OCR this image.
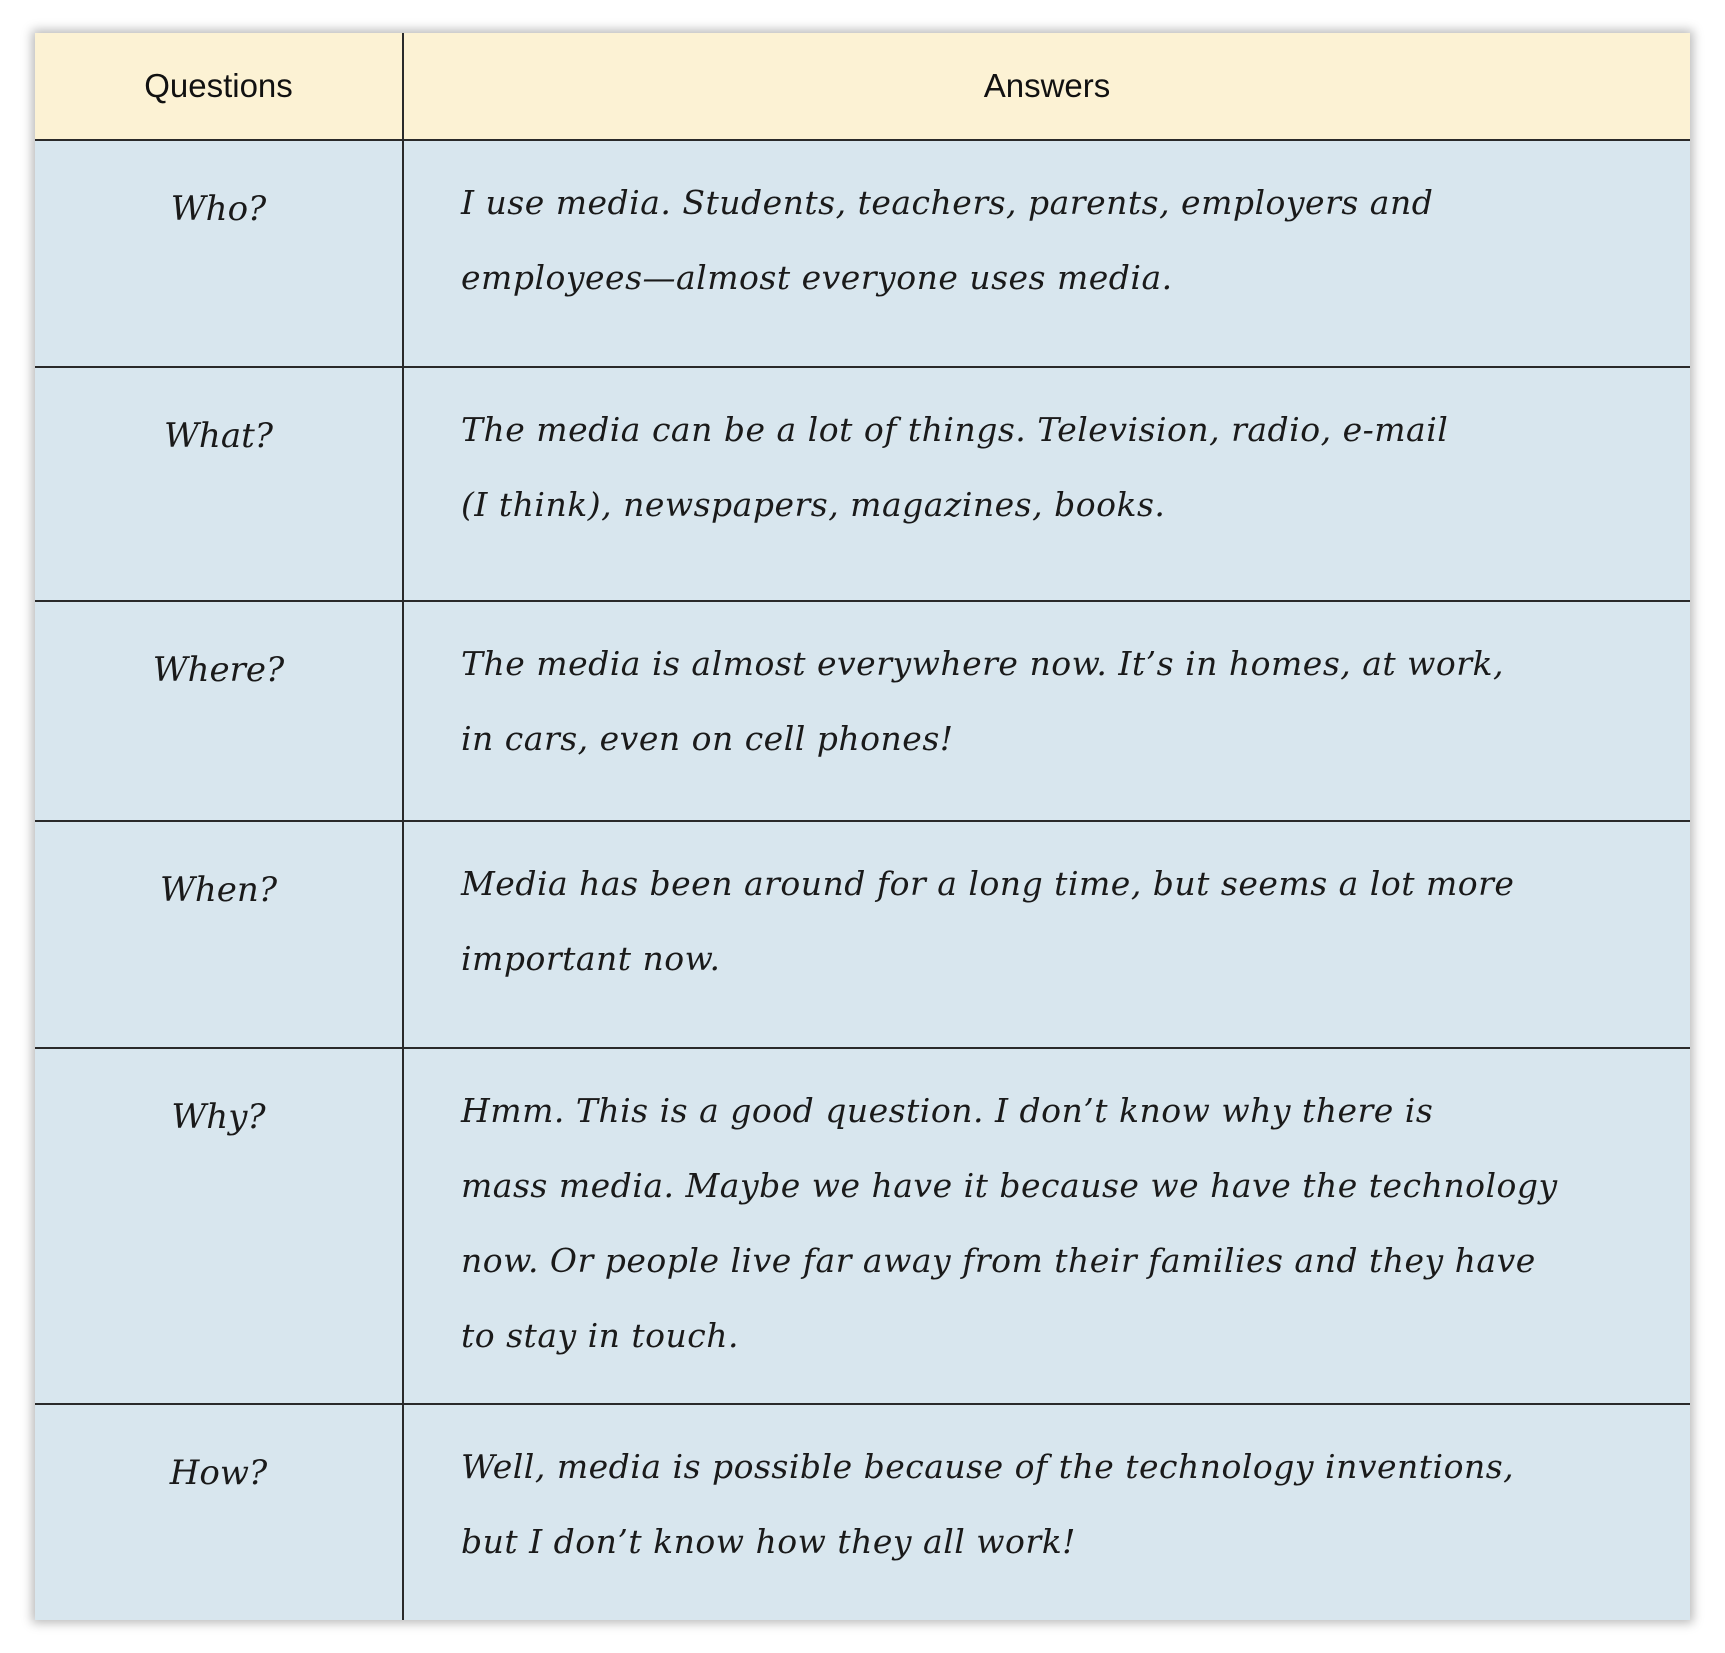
Questions	Answers
Who?	I use media. Students, teachers, parents, employers and
employees—almost everyone uses media.

What?	The media can be a lot of things. Television, radio, e-mail
(I think), newspapers, magazines, books.

Where?	The media is almost everywhere now. It’s in homes, at work,
in cars, even on cell phones!

When?	Media has been around for a long time, but seems a lot more
important now.

Why?	Hmm. This is a good question. I don’t know why there is
mass media. Maybe we have it because we have the technology
now. Or people live far away from their families and they have
to stay in touch.

How?	Well, media is possible because of the technology inventions,
but I don’t know how they all work!
